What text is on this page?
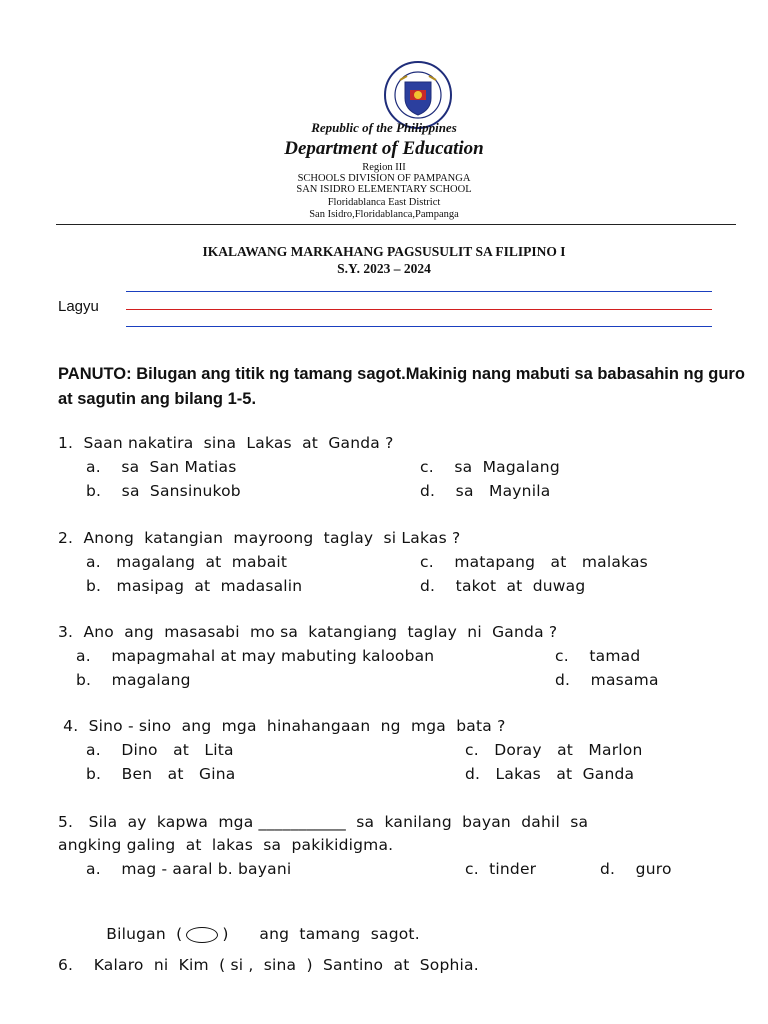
Republic of the Philippines
Department of Education
Region III
SCHOOLS DIVISION OF PAMPANGA
SAN ISIDRO ELEMENTARY SCHOOL
Floridablanca East District
San Isidro,Floridablanca,Pampanga
IKALAWANG MARKAHANG PAGSUSULIT SA FILIPINO I
S.Y. 2023 – 2024
Lagyu
PANUTO: Bilugan ang titik ng tamang sagot.Makinig nang mabuti sa babasahin ng guro at sagutin ang bilang 1-5.
1.  Saan nakatira  sina  Lakas  at  Ganda ?
a.    sa  San Matias	c.    sa  Magalang
b.    sa  Sansinukob	d.    sa   Maynila
2.  Anong  katangian  mayroong  taglay  si Lakas ?
a.   magalang  at  mabait	c.    matapang   at   malakas
b.   masipag  at  madasalin	d.    takot  at  duwag
3.  Ano  ang  masasabi  mo sa  katangiang  taglay  ni  Ganda ?
a.    mapagmahal at may mabuting kalooban	c.    tamad
b.    magalang	d.    masama
4.  Sino - sino  ang  mga  hinahangaan  ng  mga  bata ?
a.    Dino   at   Lita	c.   Doray   at   Marlon
b.    Ben   at   Gina	d.   Lakas   at  Ganda
5.   Sila  ay  kapwa  mga ___________  sa  kanilang  bayan  dahil  sa
angking galing  at  lakas  sa  pakikidigma.
a.    mag - aaral b. bayani	c.  tinder	d.    guro

Bilugan  (	)      ang  tamang  sagot.

6.    Kalaro  ni  Kim  ( si ,  sina  )  Santino  at  Sophia.
